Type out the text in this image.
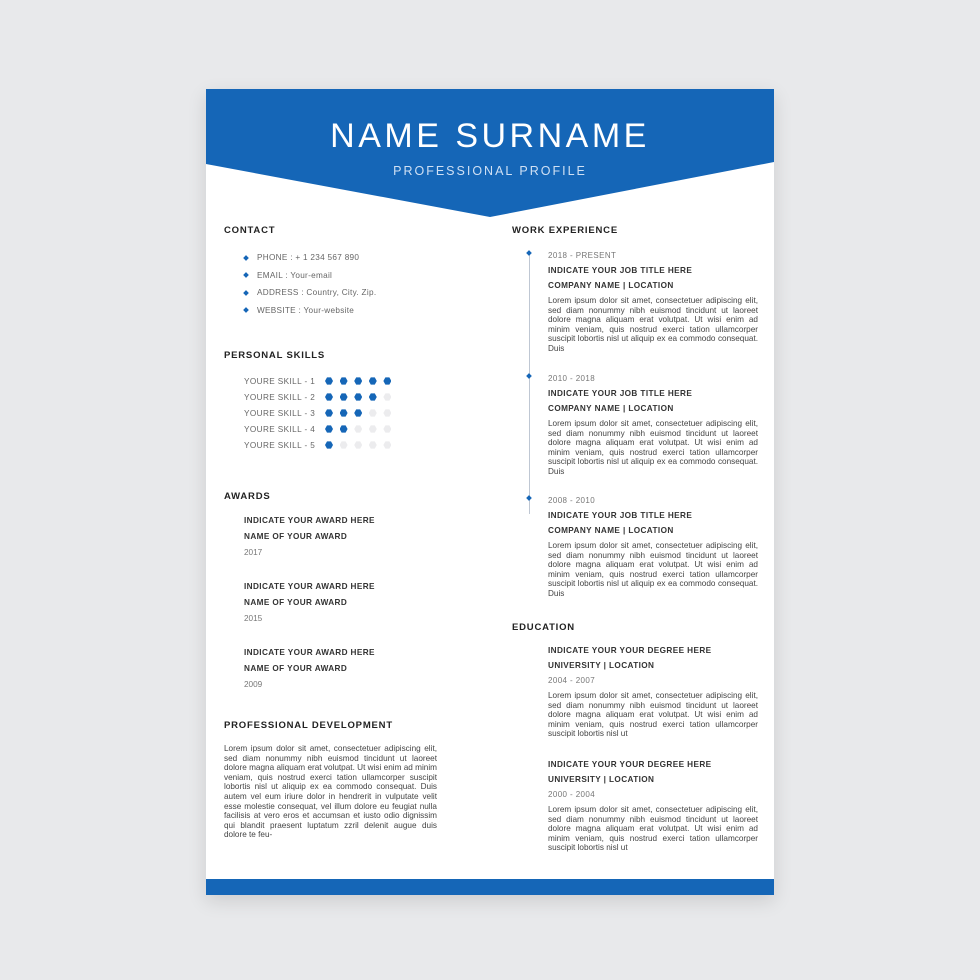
NAME SURNAME
PROFESSIONAL PROFILE
CONTACT
PHONE : + 1 234 567 890
EMAIL : Your-email
ADDRESS : Country, City. Zip.
WEBSITE : Your-website
PERSONAL SKILLS
YOURE SKILL - 1
YOURE SKILL - 2
YOURE SKILL - 3
YOURE SKILL - 4
YOURE SKILL - 5
AWARDS
INDICATE YOUR AWARD HERE
NAME OF YOUR AWARD
2017
INDICATE YOUR AWARD HERE
NAME OF YOUR AWARD
2015
INDICATE YOUR AWARD HERE
NAME OF YOUR AWARD
2009
PROFESSIONAL DEVELOPMENT
Lorem ipsum dolor sit amet, consectetuer adipiscing elit, sed diam nonummy nibh euismod tincidunt ut laoreet dolore magna aliquam erat volutpat. Ut wisi enim ad minim veniam, quis nostrud exerci tation ullamcorper suscipit lobortis nisl ut aliquip ex ea commodo consequat. Duis autem vel eum iriure dolor in hendrerit in vulputate velit esse molestie consequat, vel illum dolore eu feugiat nulla facilisis at vero eros et accumsan et iusto odio dignissim qui blandit praesent luptatum zzril delenit augue duis dolore te feu-
WORK EXPERIENCE
2018 - PRESENT
INDICATE YOUR JOB TITLE HERE
COMPANY NAME | LOCATION
Lorem ipsum dolor sit amet, consectetuer adipiscing elit, sed diam nonummy nibh euismod tincidunt ut laoreet dolore magna aliquam erat volutpat. Ut wisi enim ad minim veniam, quis nostrud exerci tation ullamcorper suscipit lobortis nisl ut aliquip ex ea commodo consequat. Duis
2010 - 2018
INDICATE YOUR JOB TITLE HERE
COMPANY NAME | LOCATION
Lorem ipsum dolor sit amet, consectetuer adipiscing elit, sed diam nonummy nibh euismod tincidunt ut laoreet dolore magna aliquam erat volutpat. Ut wisi enim ad minim veniam, quis nostrud exerci tation ullamcorper suscipit lobortis nisl ut aliquip ex ea commodo consequat. Duis
2008 - 2010
INDICATE YOUR JOB TITLE HERE
COMPANY NAME | LOCATION
Lorem ipsum dolor sit amet, consectetuer adipiscing elit, sed diam nonummy nibh euismod tincidunt ut laoreet dolore magna aliquam erat volutpat. Ut wisi enim ad minim veniam, quis nostrud exerci tation ullamcorper suscipit lobortis nisl ut aliquip ex ea commodo consequat. Duis
EDUCATION
INDICATE YOUR YOUR DEGREE HERE
UNIVERSITY | LOCATION
2004 - 2007
Lorem ipsum dolor sit amet, consectetuer adipiscing elit, sed diam nonummy nibh euismod tincidunt ut laoreet dolore magna aliquam erat volutpat. Ut wisi enim ad minim veniam, quis nostrud exerci tation ullamcorper suscipit lobortis nisl ut
INDICATE YOUR YOUR DEGREE HERE
UNIVERSITY | LOCATION
2000 - 2004
Lorem ipsum dolor sit amet, consectetuer adipiscing elit, sed diam nonummy nibh euismod tincidunt ut laoreet dolore magna aliquam erat volutpat. Ut wisi enim ad minim veniam, quis nostrud exerci tation ullamcorper suscipit lobortis nisl ut
